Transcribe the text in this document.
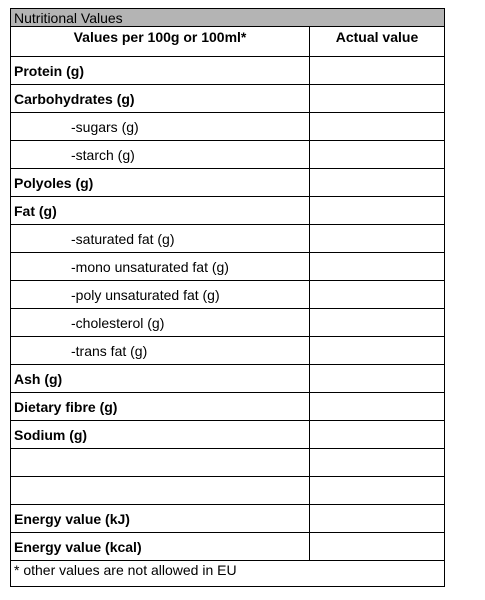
Nutritional Values	
Values per 100g or 100ml*	Actual value
Protein (g)	
Carbohydrates (g)	
-sugars (g)	
-starch (g)	
Polyoles (g)	
Fat (g)	
-saturated fat (g)	
-mono unsaturated fat (g)	
-poly unsaturated fat (g)	
-cholesterol (g)	
-trans fat (g)	
Ash (g)	
Dietary fibre (g)	
Sodium (g)	

Energy value (kJ)	
Energy value (kcal)	
* other values are not allowed in EU	
